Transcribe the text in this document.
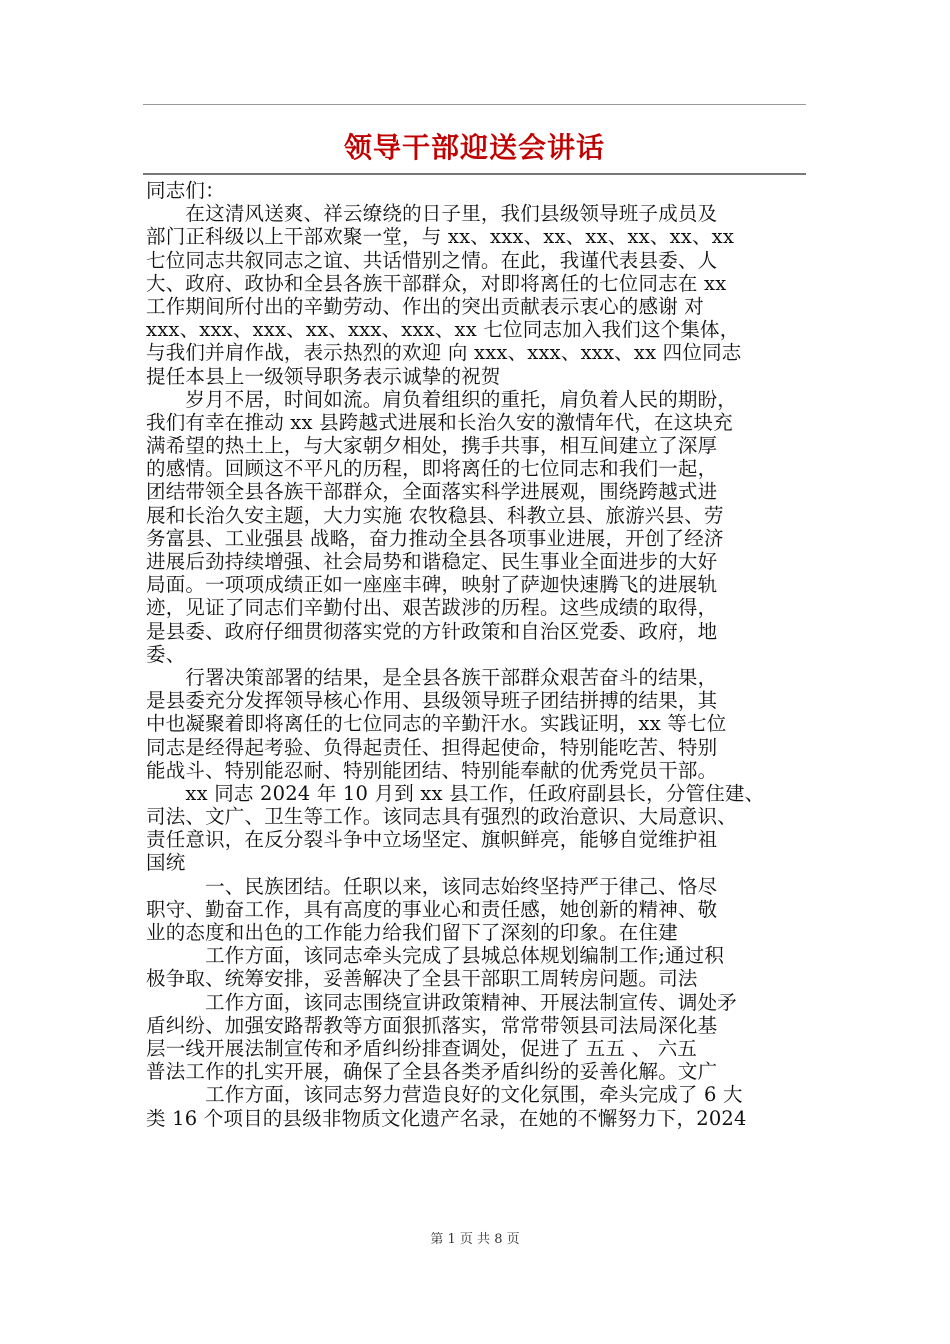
领导干部迎送会讲话
同志们：
　　在这清风送爽、祥云缭绕的日子里，我们县级领导班子成员及
部门正科级以上干部欢聚一堂，与 xx、xxx、xx、xx、xx、xx、xx
七位同志共叙同志之谊、共话惜别之情。在此，我谨代表县委、人
大、政府、政协和全县各族干部群众，对即将离任的七位同志在 xx
工作期间所付出的辛勤劳动、作出的突出贡献表示衷心的感谢 对
xxx、xxx、xxx、xx、xxx、xxx、xx 七位同志加入我们这个集体，
与我们并肩作战，表示热烈的欢迎 向 xxx、xxx、xxx、xx 四位同志
提任本县上一级领导职务表示诚挚的祝贺
　　岁月不居，时间如流。肩负着组织的重托，肩负着人民的期盼，
我们有幸在推动 xx 县跨越式进展和长治久安的激情年代，在这块充
满希望的热土上，与大家朝夕相处，携手共事，相互间建立了深厚
的感情。回顾这不平凡的历程，即将离任的七位同志和我们一起，
团结带领全县各族干部群众，全面落实科学进展观，围绕跨越式进
展和长治久安主题，大力实施 农牧稳县、科教立县、旅游兴县、劳
务富县、工业强县 战略，奋力推动全县各项事业进展，开创了经济
进展后劲持续增强、社会局势和谐稳定、民生事业全面进步的大好
局面。一项项成绩正如一座座丰碑，映射了萨迦快速腾飞的进展轨
迹，见证了同志们辛勤付出、艰苦跋涉的历程。这些成绩的取得，
是县委、政府仔细贯彻落实党的方针政策和自治区党委、政府，地
委、
　　行署决策部署的结果，是全县各族干部群众艰苦奋斗的结果，
是县委充分发挥领导核心作用、县级领导班子团结拼搏的结果，其
中也凝聚着即将离任的七位同志的辛勤汗水。实践证明，xx 等七位
同志是经得起考验、负得起责任、担得起使命，特别能吃苦、特别
能战斗、特别能忍耐、特别能团结、特别能奉献的优秀党员干部。
　　xx 同志 2024 年 10 月到 xx 县工作，任政府副县长，分管住建、
司法、文广、卫生等工作。该同志具有强烈的政治意识、大局意识、
责任意识，在反分裂斗争中立场坚定、旗帜鲜亮，能够自觉维护祖
国统
　　　一、民族团结。任职以来，该同志始终坚持严于律己、恪尽
职守、勤奋工作，具有高度的事业心和责任感，她创新的精神、敬
业的态度和出色的工作能力给我们留下了深刻的印象。在住建
　　　工作方面，该同志牵头完成了县城总体规划编制工作;通过积
极争取、统筹安排，妥善解决了全县干部职工周转房问题。司法
　　　工作方面，该同志围绕宣讲政策精神、开展法制宣传、调处矛
盾纠纷、加强安路帮教等方面狠抓落实，常常带领县司法局深化基
层一线开展法制宣传和矛盾纠纷排查调处，促进了 五五 、 六五
普法工作的扎实开展，确保了全县各类矛盾纠纷的妥善化解。文广
　　　工作方面，该同志努力营造良好的文化氛围，牵头完成了 6 大
类 16 个项目的县级非物质文化遗产名录，在她的不懈努力下，2024
第 1 页 共 8 页
